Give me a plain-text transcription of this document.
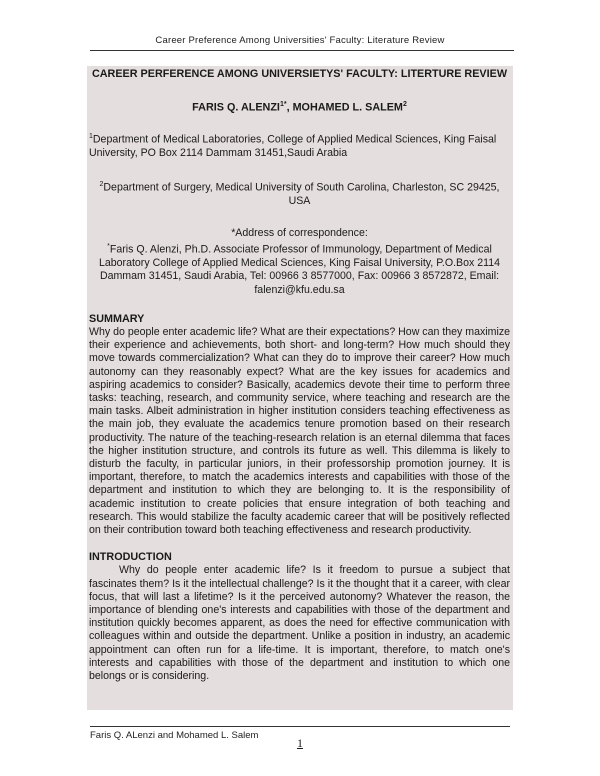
Career Preference Among Universities' Faculty: Literature Review

CAREER PERFERENCE AMONG UNIVERSIETYS' FACULTY: LITERTURE REVIEW

FARIS Q. $ALENZI^{1*}$, MOHAMED L. SALEM$^2$

$^1$Department of Medical Laboratories, College of Applied Medical Sciences, King Faisal University, PO Box 2114 Dammam 31451,Saudi Arabia

$^2$Department of Surgery, Medical University of South Carolina, Charleston, SC 29425, USA

*Address of correspondence:
*Faris Q. Alenzi, Ph.D. Associate Professor of Immunology, Department of Medical Laboratory College of Applied Medical Sciences, King Faisal University, P.O.Box 2114 Dammam 31451, Saudi Arabia, Tel: 00966 3 8577000, Fax: 00966 3 8572872, Email: falenzi@kfu.edu.sa

SUMMARY

Why do people enter academic life? What are their expectations? How can they maximize their experience and achievements, both short- and long-term? How much should they move towards commercialization? What can they do to improve their career? How much autonomy can they reasonably expect? What are the key issues for academics and aspiring academics to consider? Basically, academics devote their time to perform three tasks: teaching, research, and community service, where teaching and research are the main tasks. Albeit administration in higher institution considers teaching effectiveness as the main job, they evaluate the academics tenure promotion based on their research productivity. The nature of the teaching-research relation is an eternal dilemma that faces the higher institution structure, and controls its future as well. This dilemma is likely to disturb the faculty, in particular juniors, in their professorship promotion journey. It is important, therefore, to match the academics interests and capabilities with those of the department and institution to which they are belonging to. It is the responsibility of academic institution to create policies that ensure integration of both teaching and research. This would stabilize the faculty academic career that will be positively reflected on their contribution toward both teaching effectiveness and research productivity.

INTRODUCTION

Why do people enter academic life? Is it freedom to pursue a subject that fascinates them? Is it the intellectual challenge? Is it the thought that it a career, with clear focus, that will last a lifetime? Is it the perceived autonomy? Whatever the reason, the importance of blending one's interests and capabilities with those of the department and institution quickly becomes apparent, as does the need for effective communication with colleagues within and outside the department. Unlike a position in industry, an academic appointment can often run for a life-time. It is important, therefore, to match one's interests and capabilities with those of the department and institution to which one belongs or is considering.

Faris Q. ALenzi and Mohamed L. Salem
1
